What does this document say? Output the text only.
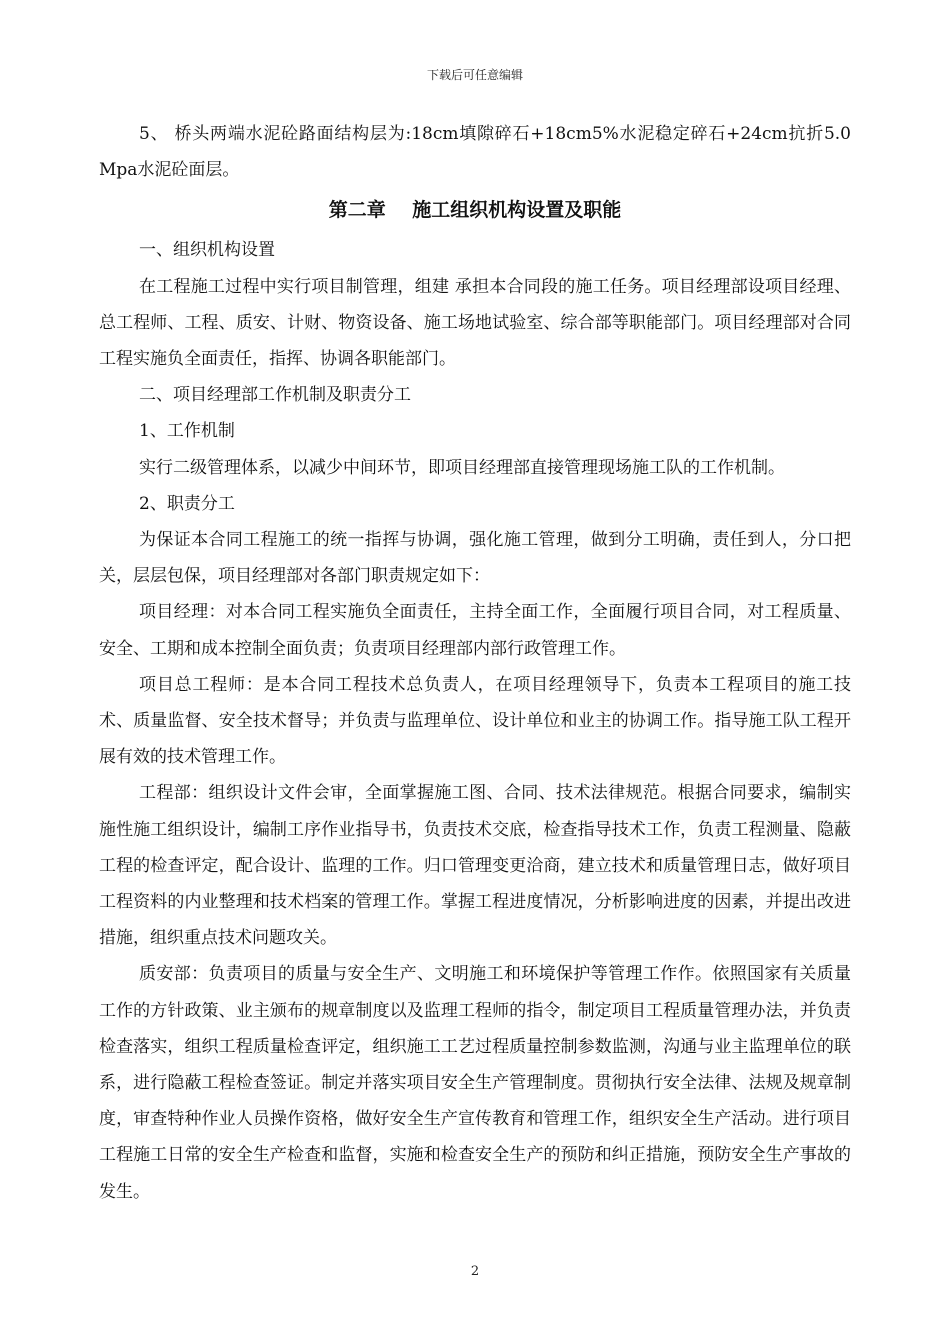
下载后可任意编辑

5、 桥头两端水泥砼路面结构层为:18cm填隙碎石+18cm5%水泥稳定碎石+24cm抗折5.0 Mpa水泥砼面层。

第二章    施工组织机构设置及职能

一、组织机构设置

在工程施工过程中实行项目制管理，组建 承担本合同段的施工任务。项目经理部设项目经理、总工程师、工程、质安、计财、物资设备、施工场地试验室、综合部等职能部门。项目经理部对合同工程实施负全面责任，指挥、协调各职能部门。

二、项目经理部工作机制及职责分工

1、工作机制

实行二级管理体系，以减少中间环节，即项目经理部直接管理现场施工队的工作机制。

2、职责分工

为保证本合同工程施工的统一指挥与协调，强化施工管理，做到分工明确，责任到人，分口把关，层层包保，项目经理部对各部门职责规定如下：

项目经理：对本合同工程实施负全面责任，主持全面工作，全面履行项目合同，对工程质量、安全、工期和成本控制全面负责；负责项目经理部内部行政管理工作。

项目总工程师：是本合同工程技术总负责人，在项目经理领导下，负责本工程项目的施工技术、质量监督、安全技术督导；并负责与监理单位、设计单位和业主的协调工作。指导施工队工程开展有效的技术管理工作。

工程部：组织设计文件会审，全面掌握施工图、合同、技术法律规范。根据合同要求，编制实施性施工组织设计，编制工序作业指导书，负责技术交底，检查指导技术工作，负责工程测量、隐蔽工程的检查评定，配合设计、监理的工作。归口管理变更洽商，建立技术和质量管理日志，做好项目工程资料的内业整理和技术档案的管理工作。掌握工程进度情况，分析影响进度的因素，并提出改进措施，组织重点技术问题攻关。

质安部：负责项目的质量与安全生产、文明施工和环境保护等管理工作作。依照国家有关质量工作的方针政策、业主颁布的规章制度以及监理工程师的指令，制定项目工程质量管理办法，并负责检查落实，组织工程质量检查评定，组织施工工艺过程质量控制参数监测，沟通与业主监理单位的联系，进行隐蔽工程检查签证。制定并落实项目安全生产管理制度。贯彻执行安全法律、法规及规章制度，审查特种作业人员操作资格，做好安全生产宣传教育和管理工作，组织安全生产活动。进行项目工程施工日常的安全生产检查和监督，实施和检查安全生产的预防和纠正措施，预防安全生产事故的发生。

2
